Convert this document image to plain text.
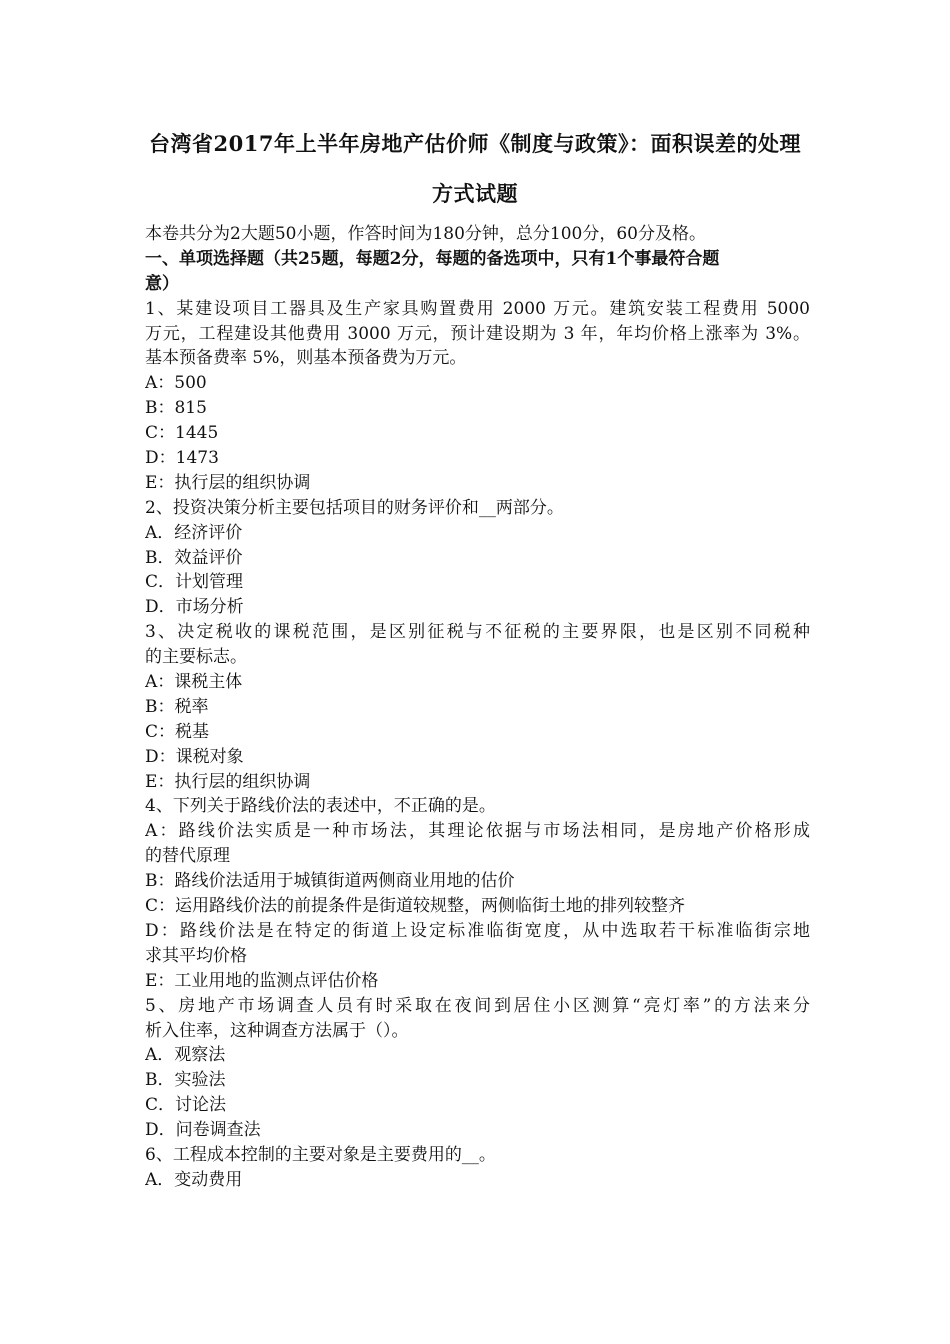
台湾省2017年上半年房地产估价师《制度与政策》：面积误差的处理
方式试题
本卷共分为2大题50小题，作答时间为180分钟，总分100分，60分及格。
一、单项选择题（共25题，每题2分，每题的备选项中，只有1个事最符合题
意）
1、某建设项目工器具及生产家具购置费用 2000 万元。建筑安装工程费用 5000
万元，工程建设其他费用 3000 万元，预计建设期为 3 年，年均价格上涨率为 3%。
基本预备费率 5%，则基本预备费为万元。
A：500
B：815
C：1445
D：1473
E：执行层的组织协调
2、投资决策分析主要包括项目的财务评价和__两部分。
A．经济评价
B．效益评价
C．计划管理
D．市场分析
3、决定税收的课税范围，是区别征税与不征税的主要界限，也是区别不同税种
的主要标志。
A：课税主体
B：税率
C：税基
D：课税对象
E：执行层的组织协调
4、下列关于路线价法的表述中，不正确的是。
A：路线价法实质是一种市场法，其理论依据与市场法相同，是房地产价格形成
的替代原理
B：路线价法适用于城镇街道两侧商业用地的估价
C：运用路线价法的前提条件是街道较规整，两侧临街土地的排列较整齐
D：路线价法是在特定的街道上设定标准临街宽度，从中选取若干标准临街宗地
求其平均价格
E：工业用地的监测点评估价格
5、房地产市场调查人员有时采取在夜间到居住小区测算“亮灯率”的方法来分
析入住率，这种调查方法属于（）。
A．观察法
B．实验法
C．讨论法
D．问卷调查法
6、工程成本控制的主要对象是主要费用的__。
A．变动费用
